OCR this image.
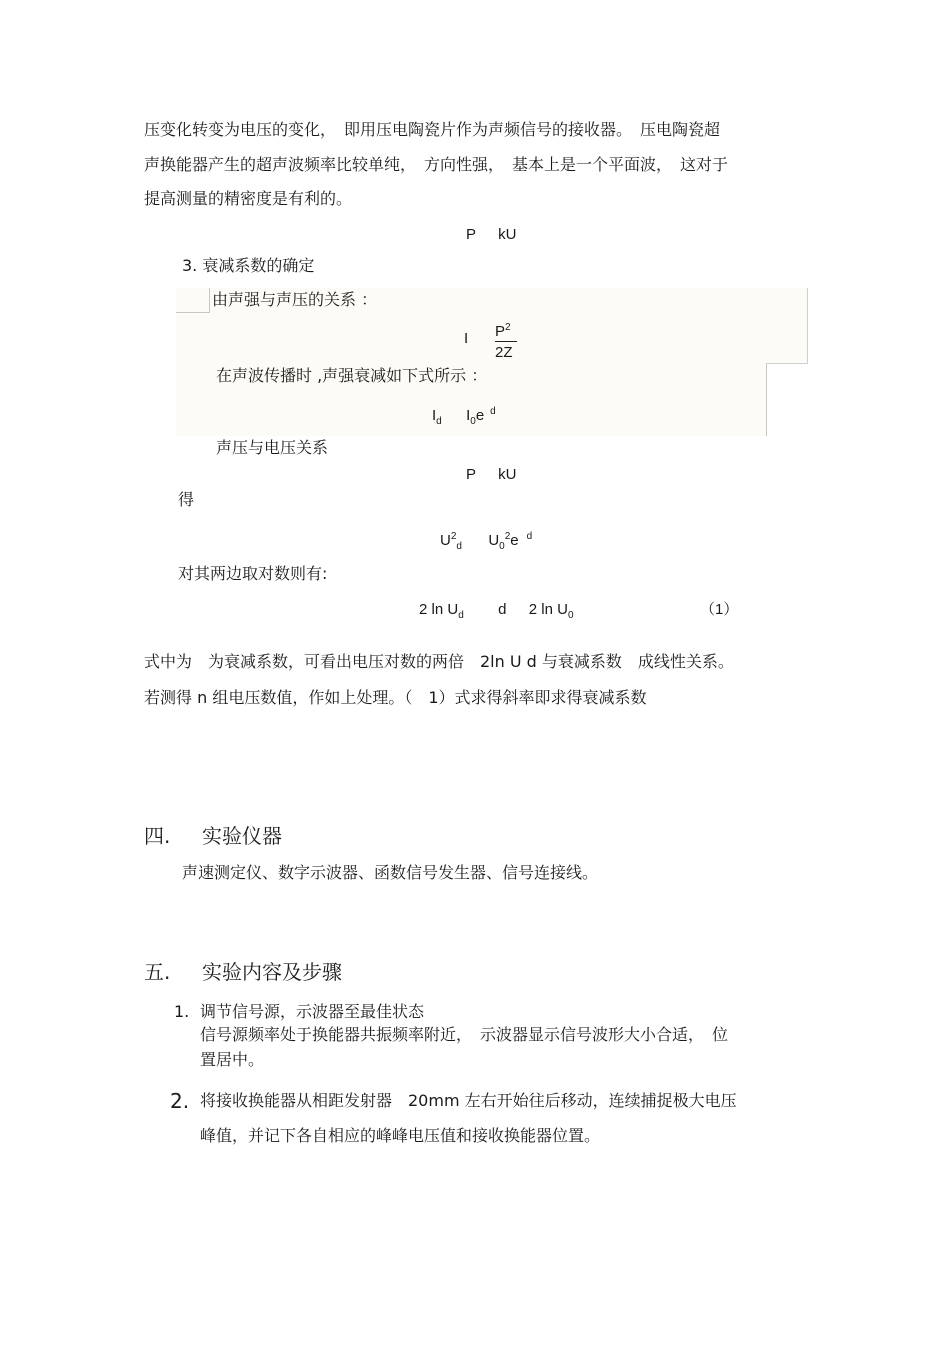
压变化转变为电压的变化，　即用压电陶瓷片作为声频信号的接收器。　压电陶瓷超
声换能器产生的超声波频率比较单纯，　方向性强，　基本上是一个平面波，　这对于
提高测量的精密度是有利的。
P kU
3. 衰减系数的确定
由声强与声压的关系 ：
I $P^2$
2Z
在声波传播时 ,声强衰减如下式所示 ：
$I_d$ $I_0e$ $^d$
声压与电压关系
P kU
得
$U^2_d$ $U_0^2e$ $^d$
对其两边取对数则有:
2 $\ln U_d$ d 2 $\ln U_0$	（1）
式中为　为衰减系数，可看出电压对数的两倍　2ln U d 与衰减系数　成线性关系。
若测得 n 组电压数值，作如上处理。（　1）式求得斜率即求得衰减系数
四. 实验仪器
声速测定仪、数字示波器、函数信号发生器、信号连接线。
五. 实验内容及步骤
1. 调节信号源，示波器至最佳状态
信号源频率处于换能器共振频率附近，　示波器显示信号波形大小合适，　位
置居中。
2. 将接收换能器从相距发射器　20mm 左右开始往后移动，连续捕捉极大电压
峰值，并记下各自相应的峰峰电压值和接收换能器位置。
